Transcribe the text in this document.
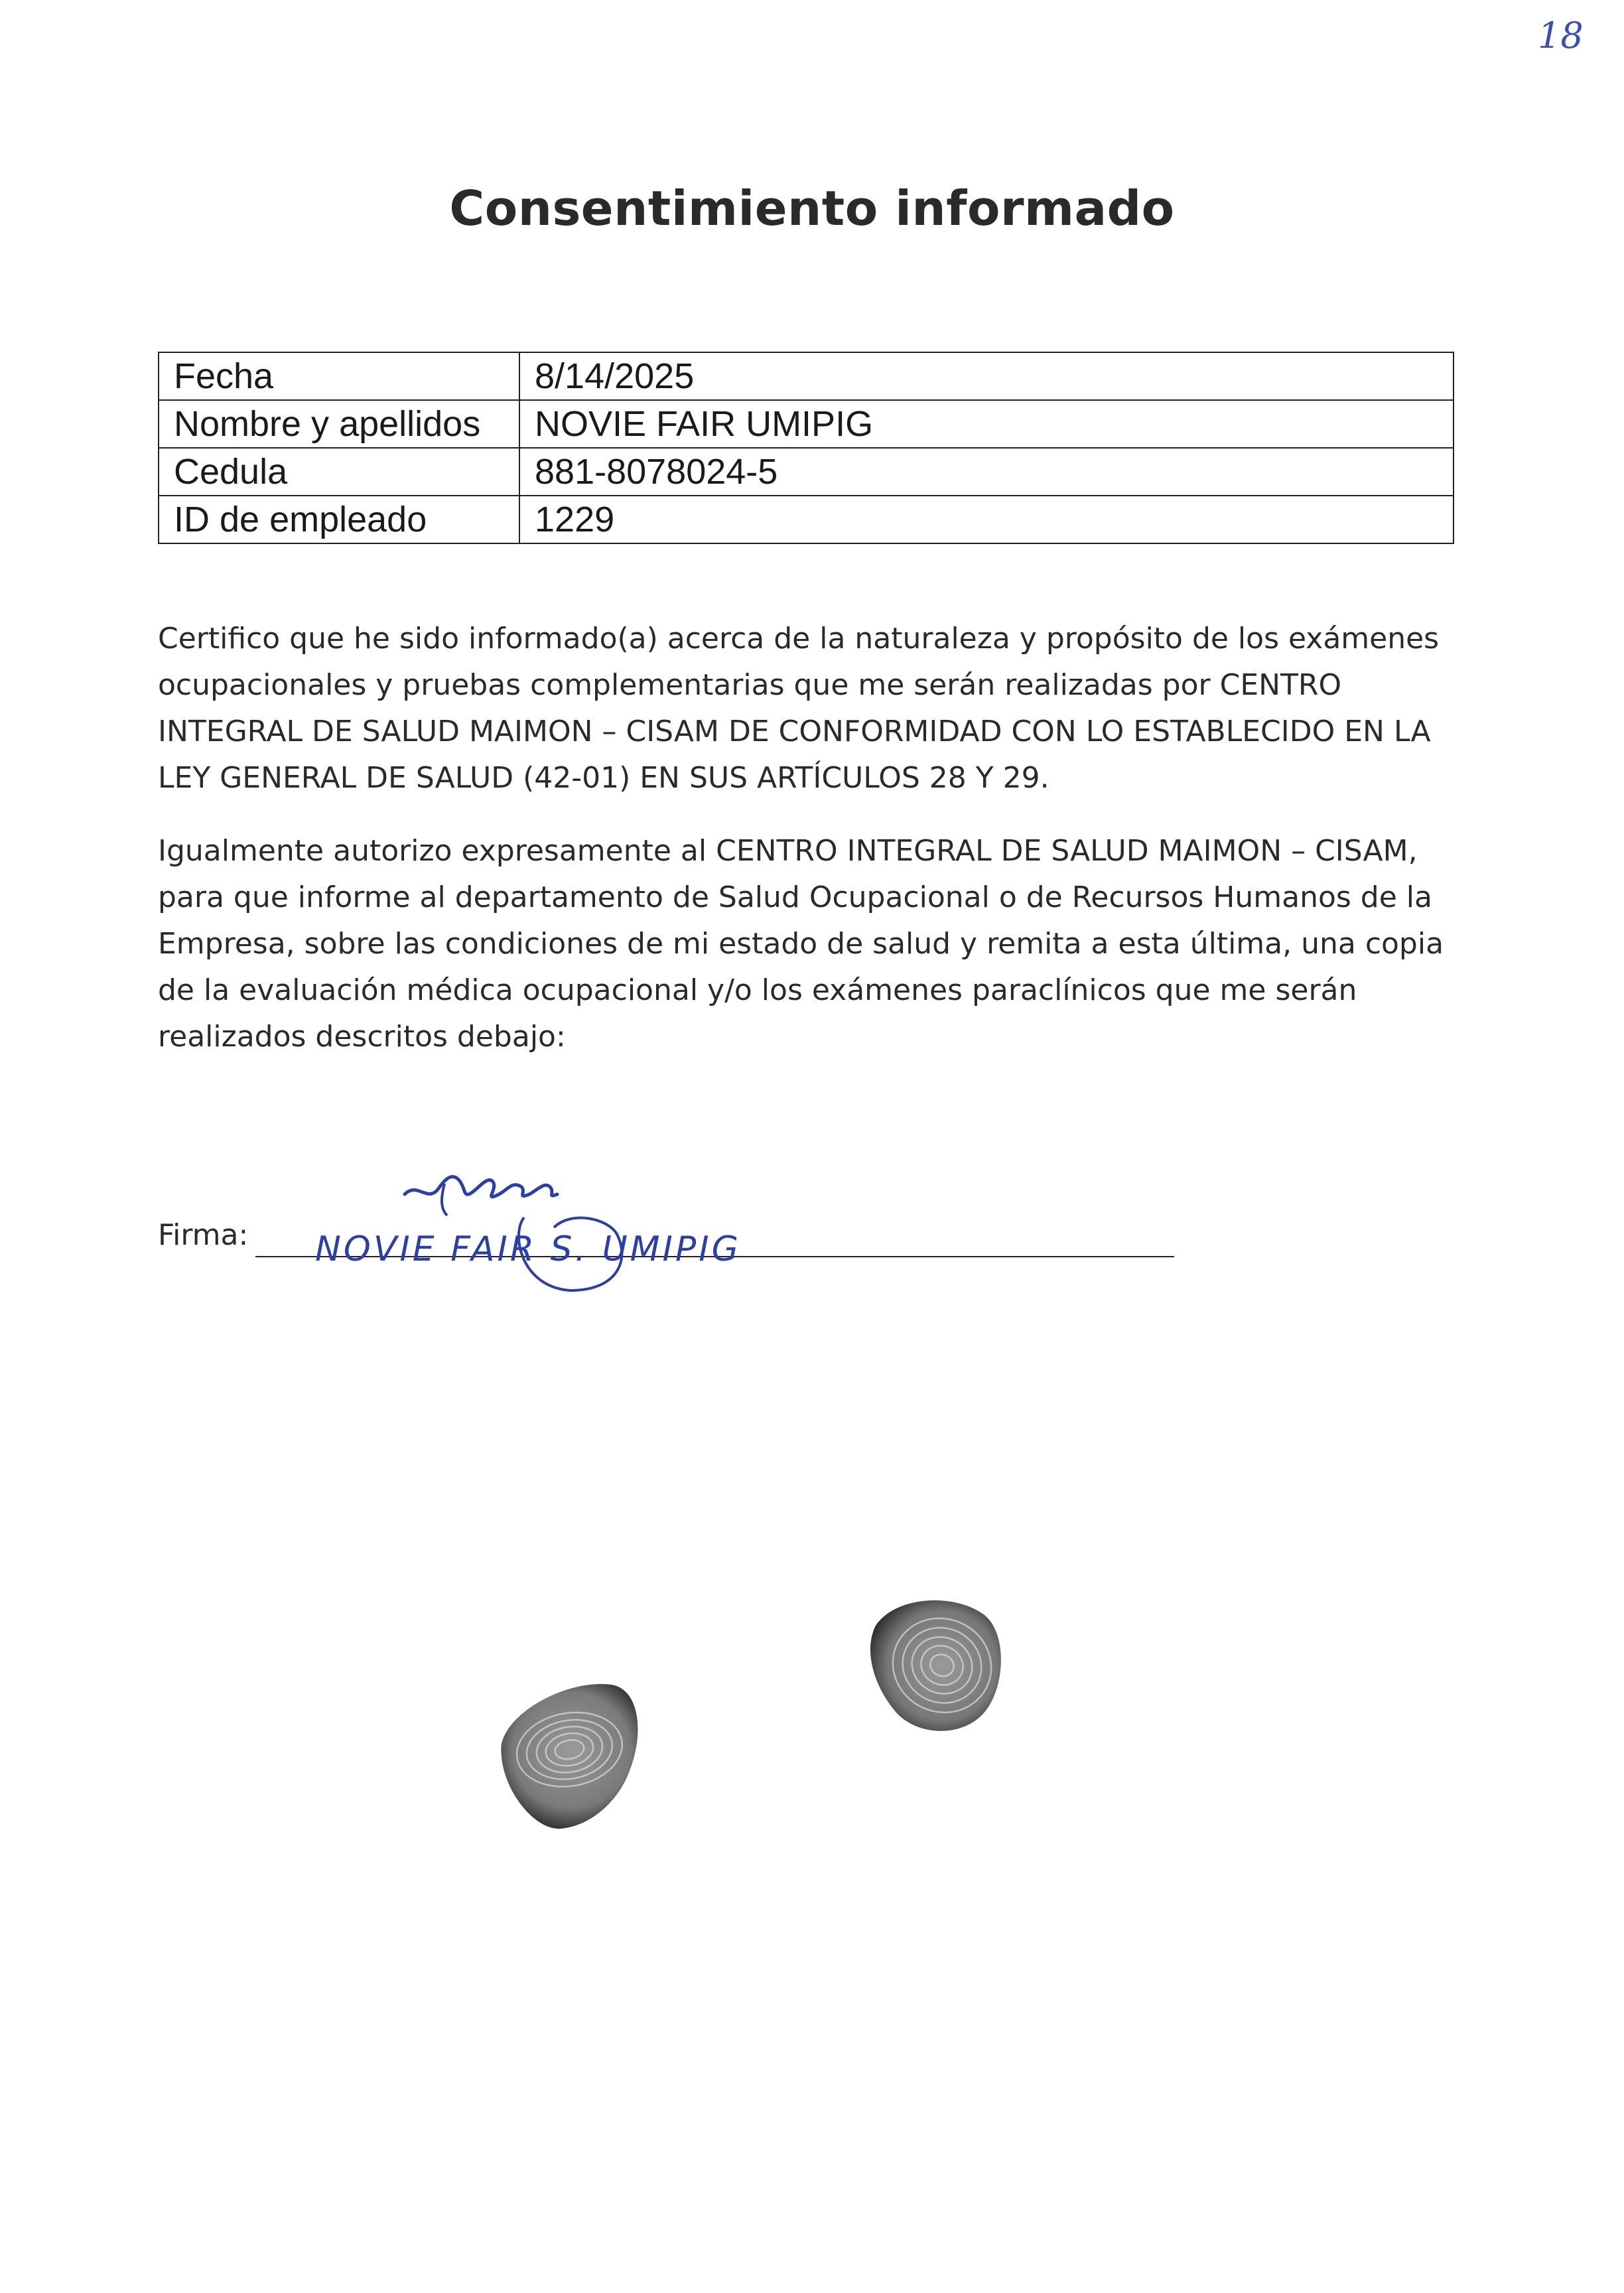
18
Consentimiento informado
Fecha	8/14/2025
Nombre y apellidos	NOVIE FAIR UMIPIG
Cedula	881-8078024-5
ID de empleado	1229

Certifico que he sido informado(a) acerca de la naturaleza y propósito de los exámenes ocupacionales y pruebas complementarias que me serán realizadas por CENTRO INTEGRAL DE SALUD MAIMON – CISAM DE CONFORMIDAD CON LO ESTABLECIDO EN LA LEY GENERAL DE SALUD (42-01) EN SUS ARTÍCULOS 28 Y 29.

Igualmente autorizo expresamente al CENTRO INTEGRAL DE SALUD MAIMON – CISAM, para que informe al departamento de Salud Ocupacional o de Recursos Humanos de la Empresa, sobre las condiciones de mi estado de salud y remita a esta última, una copia de la evaluación médica ocupacional y/o los exámenes paraclínicos que me serán realizados descritos debajo:

Firma: NOVIE FAIR S. UMIPIG
